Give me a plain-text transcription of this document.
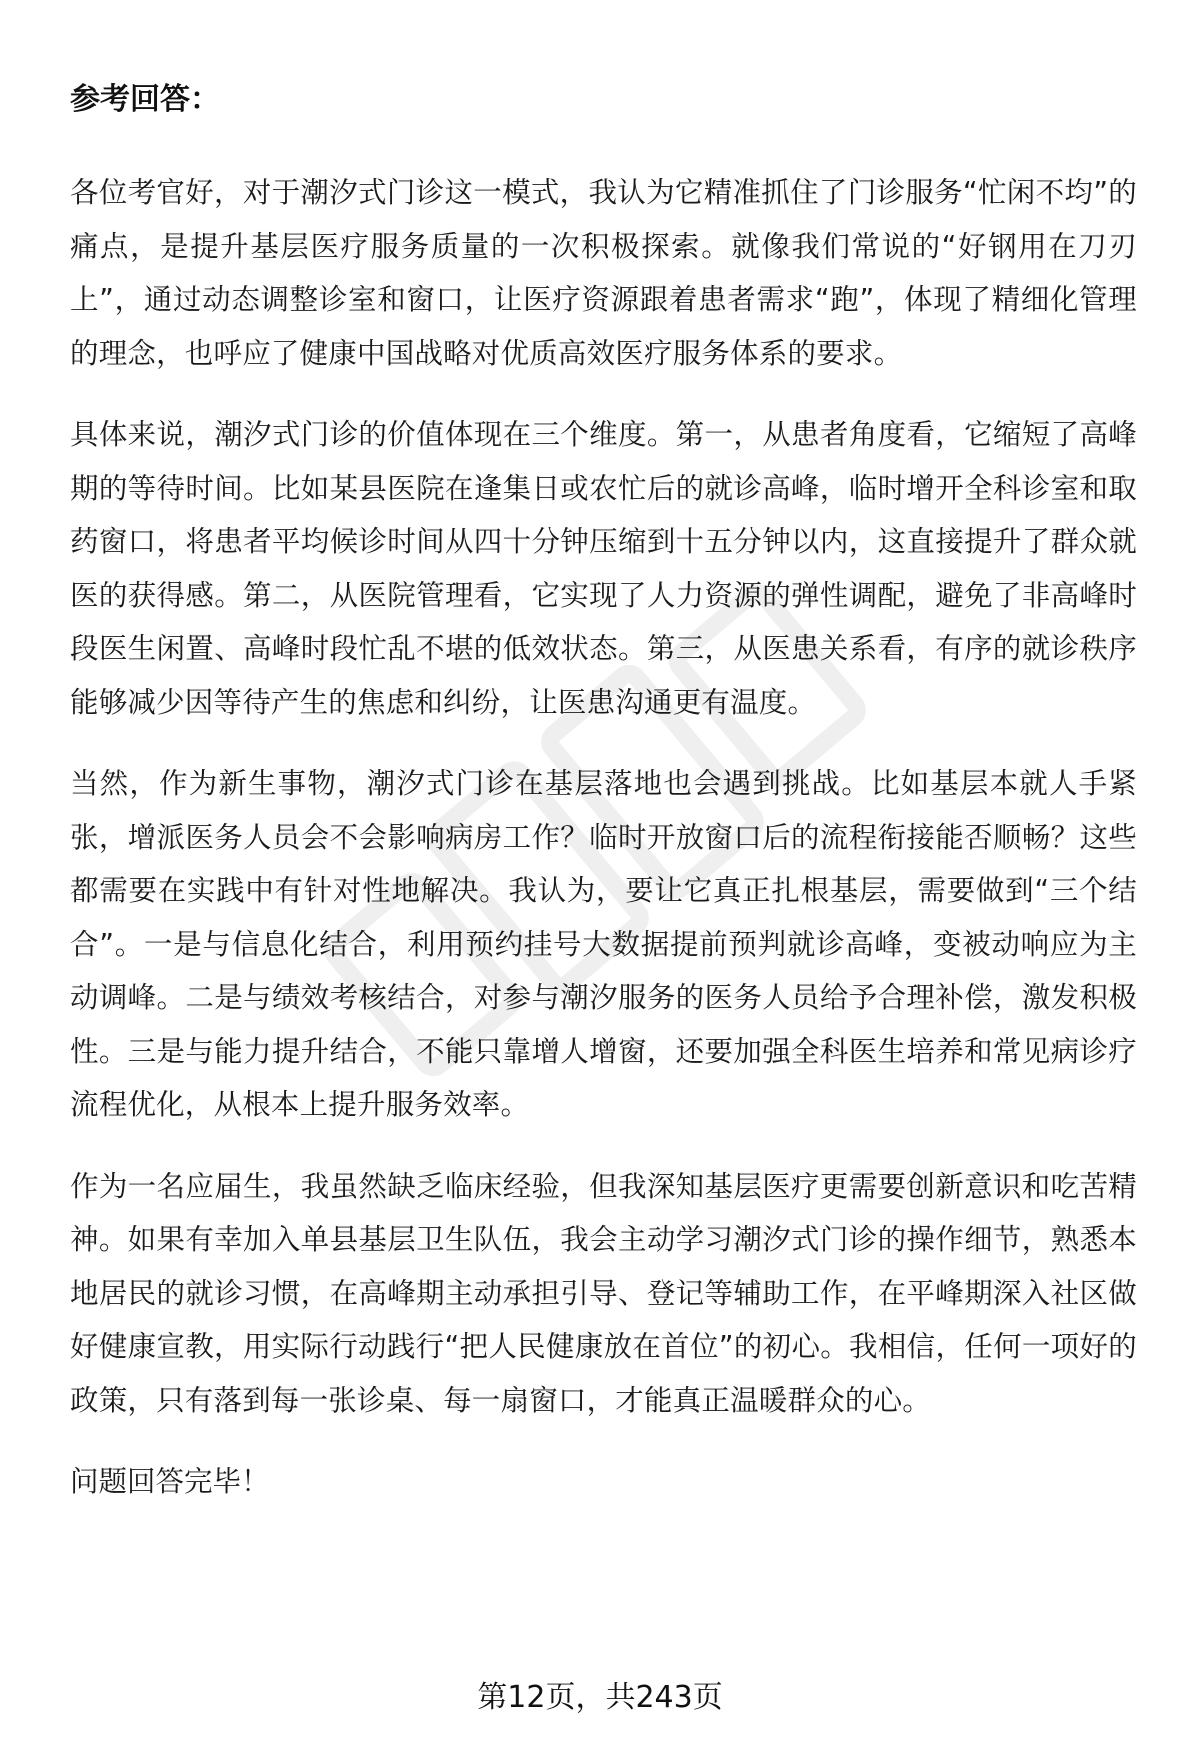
参考回答：

各位考官好，对于潮汐式门诊这一模式，我认为它精准抓住了门诊服务“忙闲不均”的痛点，是提升基层医疗服务质量的一次积极探索。就像我们常说的“好钢用在刀刃上”，通过动态调整诊室和窗口，让医疗资源跟着患者需求“跑”，体现了精细化管理的理念，也呼应了健康中国战略对优质高效医疗服务体系的要求。

具体来说，潮汐式门诊的价值体现在三个维度。第一，从患者角度看，它缩短了高峰期的等待时间。比如某县医院在逢集日或农忙后的就诊高峰，临时增开全科诊室和取药窗口，将患者平均候诊时间从四十分钟压缩到十五分钟以内，这直接提升了群众就医的获得感。第二，从医院管理看，它实现了人力资源的弹性调配，避免了非高峰时段医生闲置、高峰时段忙乱不堪的低效状态。第三，从医患关系看，有序的就诊秩序能够减少因等待产生的焦虑和纠纷，让医患沟通更有温度。

当然，作为新生事物，潮汐式门诊在基层落地也会遇到挑战。比如基层本就人手紧张，增派医务人员会不会影响病房工作？临时开放窗口后的流程衔接能否顺畅？这些都需要在实践中有针对性地解决。我认为，要让它真正扎根基层，需要做到“三个结合”。一是与信息化结合，利用预约挂号大数据提前预判就诊高峰，变被动响应为主动调峰。二是与绩效考核结合，对参与潮汐服务的医务人员给予合理补偿，激发积极性。三是与能力提升结合，不能只靠增人增窗，还要加强全科医生培养和常见病诊疗流程优化，从根本上提升服务效率。

作为一名应届生，我虽然缺乏临床经验，但我深知基层医疗更需要创新意识和吃苦精神。如果有幸加入单县基层卫生队伍，我会主动学习潮汐式门诊的操作细节，熟悉本地居民的就诊习惯，在高峰期主动承担引导、登记等辅助工作，在平峰期深入社区做好健康宣教，用实际行动践行“把人民健康放在首位”的初心。我相信，任何一项好的政策，只有落到每一张诊桌、每一扇窗口，才能真正温暖群众的心。

问题回答完毕！

第12页，共243页
